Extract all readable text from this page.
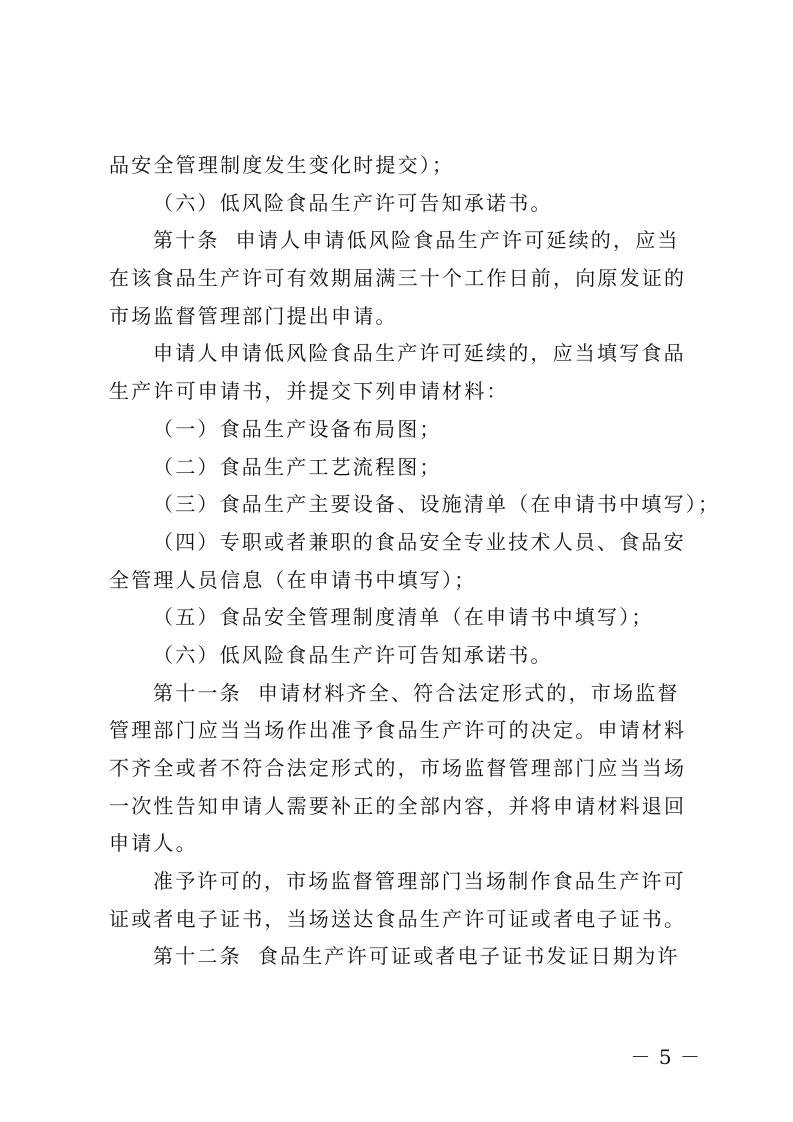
品安全管理制度发生变化时提交）；
（六）低风险食品生产许可告知承诺书。
第十条 申请人申请低风险食品生产许可延续的，应当
在该食品生产许可有效期届满三十个工作日前，向原发证的
市场监督管理部门提出申请。
申请人申请低风险食品生产许可延续的，应当填写食品
生产许可申请书，并提交下列申请材料：
（一）食品生产设备布局图；
（二）食品生产工艺流程图；
（三）食品生产主要设备、设施清单（在申请书中填写）；
（四）专职或者兼职的食品安全专业技术人员、食品安
全管理人员信息（在申请书中填写）；
（五）食品安全管理制度清单（在申请书中填写）；
（六）低风险食品生产许可告知承诺书。
第十一条 申请材料齐全、符合法定形式的，市场监督
管理部门应当当场作出准予食品生产许可的决定。申请材料
不齐全或者不符合法定形式的，市场监督管理部门应当当场
一次性告知申请人需要补正的全部内容，并将申请材料退回
申请人。
准予许可的，市场监督管理部门当场制作食品生产许可
证或者电子证书，当场送达食品生产许可证或者电子证书。
第十二条 食品生产许可证或者电子证书发证日期为许
－ 5 －
